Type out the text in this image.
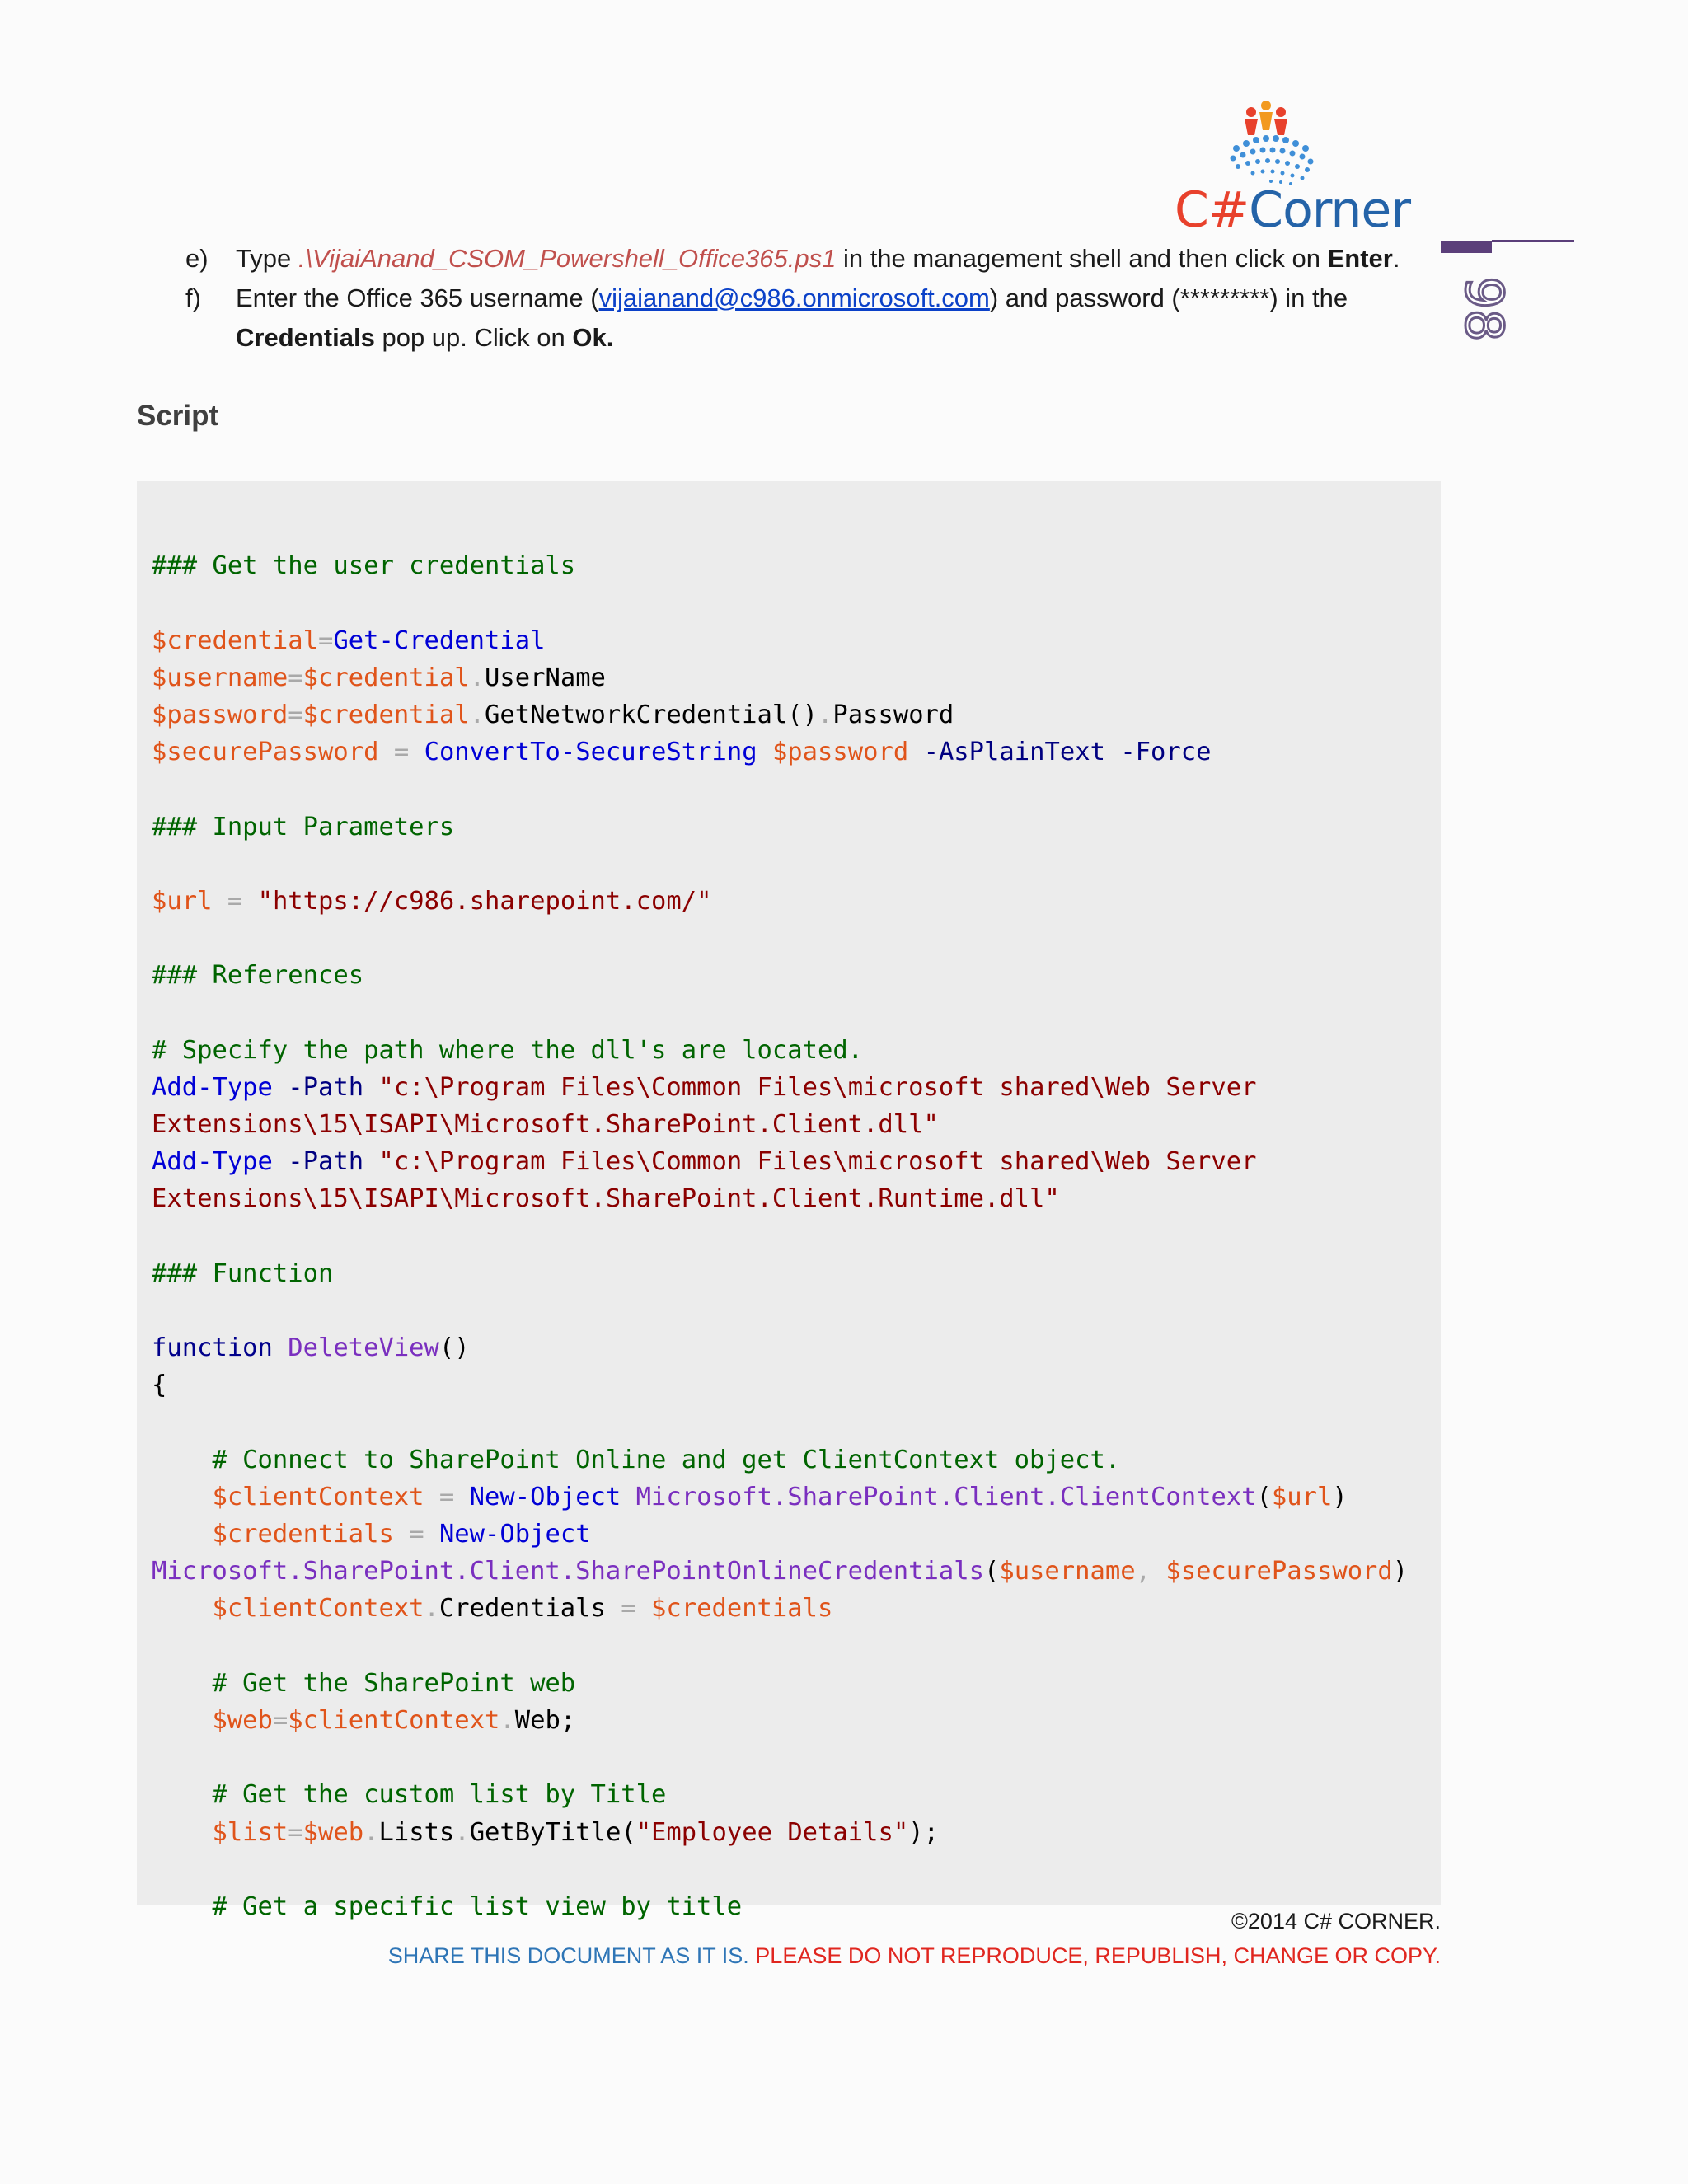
C#Corner
98
e) Type .\VijaiAnand_CSOM_Powershell_Office365.ps1 in the management shell and then click on Enter.
f) Enter the Office 365 username (vijaianand@c986.onmicrosoft.com) and password (*********) in the
Credentials pop up. Click on Ok.
Script
### Get the user credentials
$credential=Get-Credential
$username=$credential.UserName
$password=$credential.GetNetworkCredential().Password
$securePassword = ConvertTo-SecureString $password -AsPlainText -Force
### Input Parameters
$url = "https://c986.sharepoint.com/"
### References
# Specify the path where the dll's are located.
Add-Type -Path "c:\Program Files\Common Files\microsoft shared\Web Server
Extensions\15\ISAPI\Microsoft.SharePoint.Client.dll"
Add-Type -Path "c:\Program Files\Common Files\microsoft shared\Web Server
Extensions\15\ISAPI\Microsoft.SharePoint.Client.Runtime.dll"
### Function
function DeleteView()
{
# Connect to SharePoint Online and get ClientContext object.
$clientContext = New-Object Microsoft.SharePoint.Client.ClientContext($url)
$credentials = New-Object
Microsoft.SharePoint.Client.SharePointOnlineCredentials($username, $securePassword)
$clientContext.Credentials = $credentials
# Get the SharePoint web
$web=$clientContext.Web;
# Get the custom list by Title
$list=$web.Lists.GetByTitle("Employee Details");
# Get a specific list view by title
©2014 C# CORNER.
SHARE THIS DOCUMENT AS IT IS. PLEASE DO NOT REPRODUCE, REPUBLISH, CHANGE OR COPY.
